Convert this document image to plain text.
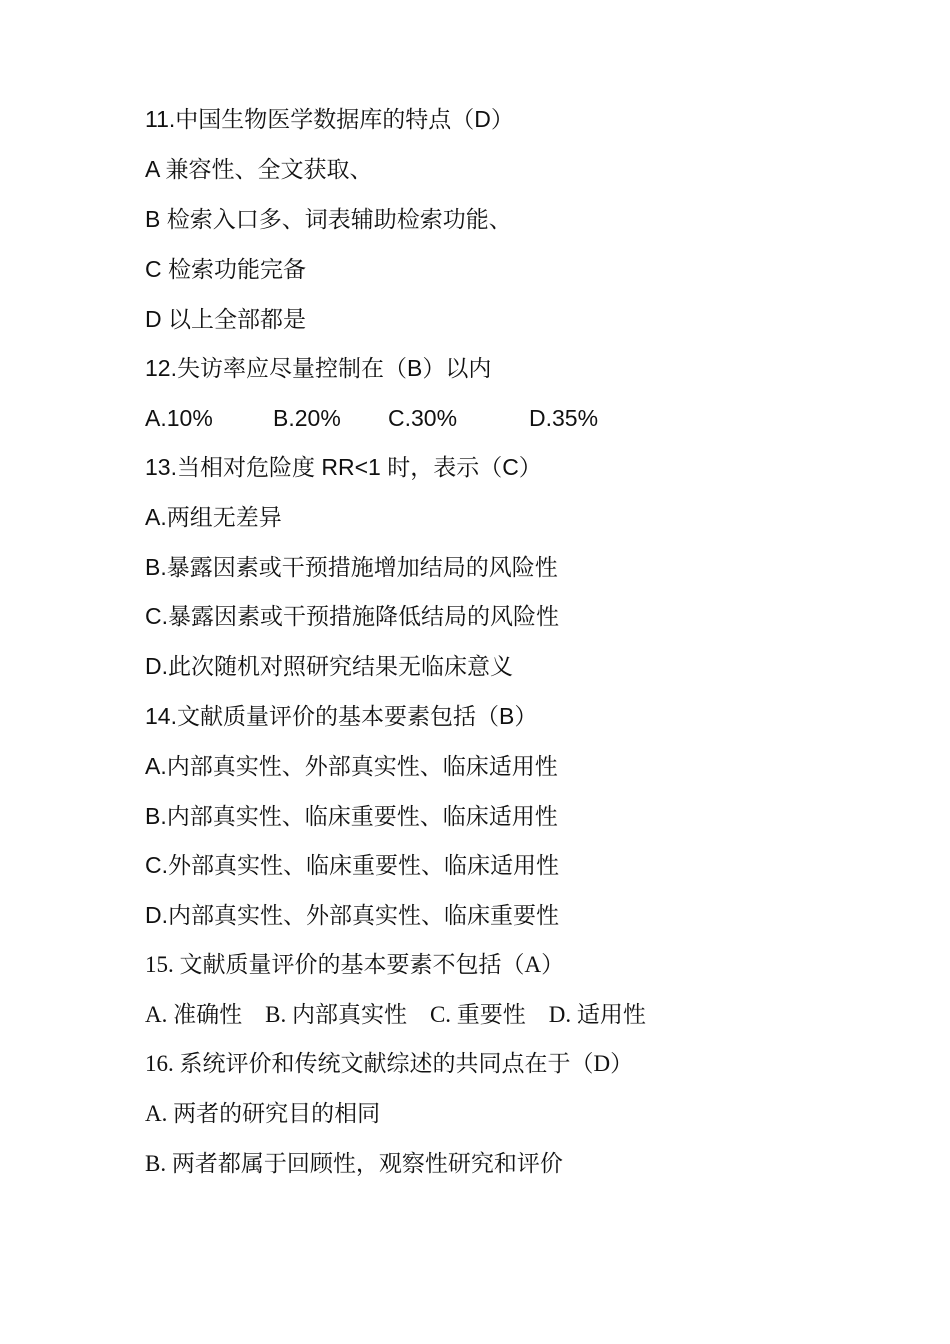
11.中国生物医学数据库的特点（D）
A 兼容性、全文获取、
B 检索入口多、词表辅助检索功能、
C 检索功能完备
D 以上全部都是
12.失访率应尽量控制在（B）以内
A.10%	B.20% C.30%	D.35%
13.当相对危险度 RR<1 时，表示（C）
A.两组无差异
B.暴露因素或干预措施增加结局的风险性
C.暴露因素或干预措施降低结局的风险性
D.此次随机对照研究结果无临床意义
14.文献质量评价的基本要素包括（B）
A.内部真实性、外部真实性、临床适用性
B.内部真实性、临床重要性、临床适用性
C.外部真实性、临床重要性、临床适用性
D.内部真实性、外部真实性、临床重要性
15. 文献质量评价的基本要素不包括（A）
A. 准确性　B. 内部真实性　C. 重要性　D. 适用性
16. 系统评价和传统文献综述的共同点在于（D）
A. 两者的研究目的相同
B. 两者都属于回顾性，观察性研究和评价
